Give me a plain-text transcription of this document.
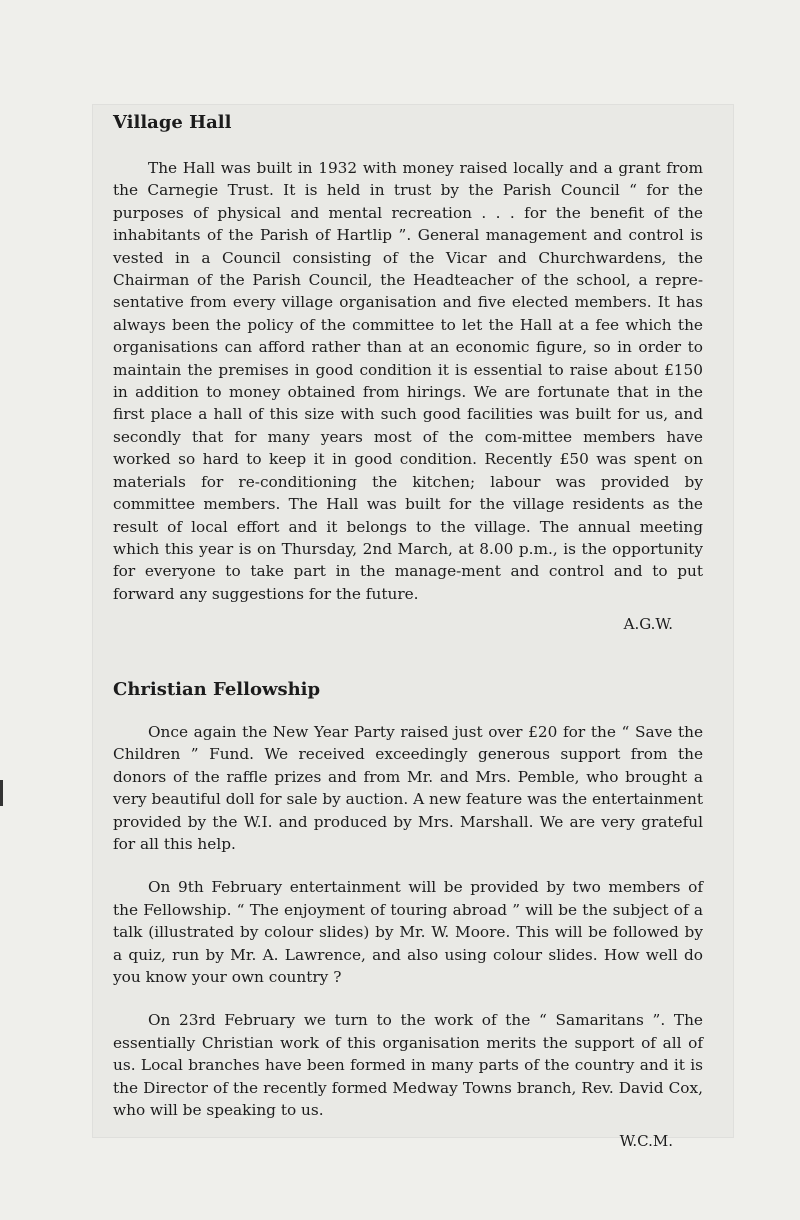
Village Hall

The Hall was built in 1932 with money raised locally and a grant from the Carnegie Trust. It is held in trust by the Parish Council “ for the purposes of physical and mental recreation . . . for the benefit of the inhabitants of the Parish of Hartlip ”. General management and control is vested in a Council consisting of the Vicar and Churchwardens, the Chairman of the Parish Council, the Headteacher of the school, a repre-sentative from every village organisation and five elected members. It has always been the policy of the committee to let the Hall at a fee which the organisations can afford rather than at an economic figure, so in order to maintain the premises in good condition it is essential to raise about £150 in addition to money obtained from hirings. We are fortunate that in the first place a hall of this size with such good facilities was built for us, and secondly that for many years most of the com-mittee members have worked so hard to keep it in good condition. Recently £50 was spent on materials for re-conditioning the kitchen; labour was provided by committee members. The Hall was built for the village residents as the result of local effort and it belongs to the village. The annual meeting which this year is on Thursday, 2nd March, at 8.00 p.m., is the opportunity for everyone to take part in the manage-ment and control and to put forward any suggestions for the future.

A.G.W.
Christian Fellowship

Once again the New Year Party raised just over £20 for the “ Save the Children ” Fund. We received exceedingly generous support from the donors of the raffle prizes and from Mr. and Mrs. Pemble, who brought a very beautiful doll for sale by auction. A new feature was the entertainment provided by the W.I. and produced by Mrs. Marshall. We are very grateful for all this help.

On 9th February entertainment will be provided by two members of the Fellowship. “ The enjoyment of touring abroad ” will be the subject of a talk (illustrated by colour slides) by Mr. W. Moore. This will be followed by a quiz, run by Mr. A. Lawrence, and also using colour slides. How well do you know your own country ?

On 23rd February we turn to the work of the “ Samaritans ”. The essentially Christian work of this organisation merits the support of all of us. Local branches have been formed in many parts of the country and it is the Director of the recently formed Medway Towns branch, Rev. David Cox, who will be speaking to us.

W.C.M.
